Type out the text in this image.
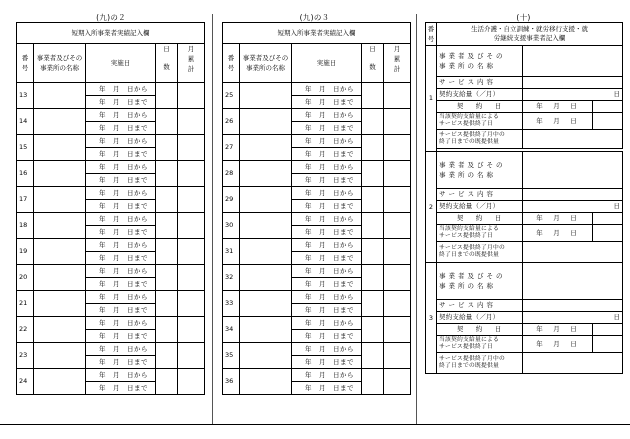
(九)の２
短期入所事業者実績記入欄				

番
号	事業者及びその
事業所の名称	実施日	日
数	月
累
計

13		年　月　日から		
		年　月　日まで		
14		年　月　日から		
		年　月　日まで		
15		年　月　日から		
		年　月　日まで		
16		年　月　日から		
		年　月　日まで		
17		年　月　日から		
		年　月　日まで		
18		年　月　日から		
		年　月　日まで		
19		年　月　日から		
		年　月　日まで		
20		年　月　日から		
		年　月　日まで		
21		年　月　日から		
		年　月　日まで		
22		年　月　日から		
		年　月　日まで		
23		年　月　日から		
		年　月　日まで		
24		年　月　日から		
		年　月　日まで		
(九)の３
短期入所事業者実績記入欄				

番
号	事業者及びその
事業所の名称	実施日	日
数	月
累
計

25		年　月　日から		
		年　月　日まで		
26		年　月　日から		
		年　月　日まで		
27		年　月　日から		
		年　月　日まで		
28		年　月　日から		
		年　月　日まで		
29		年　月　日から		
		年　月　日まで		
30		年　月　日から		
		年　月　日まで		
31		年　月　日から		
		年　月　日まで		
32		年　月　日から		
		年　月　日まで		
33		年　月　日から		
		年　月　日まで		
34		年　月　日から		
		年　月　日まで		
35		年　月　日から		
		年　月　日まで		
36		年　月　日から		
		年　月　日まで		
(十)
番
号	生活介護・自立訓練・就労移行支援・就
労継続支援事業者記入欄		

1	事業者及びその
事業所の名称		

	サービス内容		
	契約支給量（／月）	日	
	契　約　日	年　月　日	

	当該契約支給量による
サービス提供終了日	年　月　日	

	サービス提供終了月中の
終了日までの既提供量		

2	事業者及びその
事業所の名称		

	サービス内容		
	契約支給量（／月）	日	
	契　約　日	年　月　日	

	当該契約支給量による
サービス提供終了日	年　月　日	

	サービス提供終了月中の
終了日までの既提供量		

3	事業者及びその
事業所の名称		

	サービス内容		
	契約支給量（／月）	日	
	契　約　日	年　月　日	

	当該契約支給量による
サービス提供終了日	年　月　日	

	サービス提供終了月中の
終了日までの既提供量		
